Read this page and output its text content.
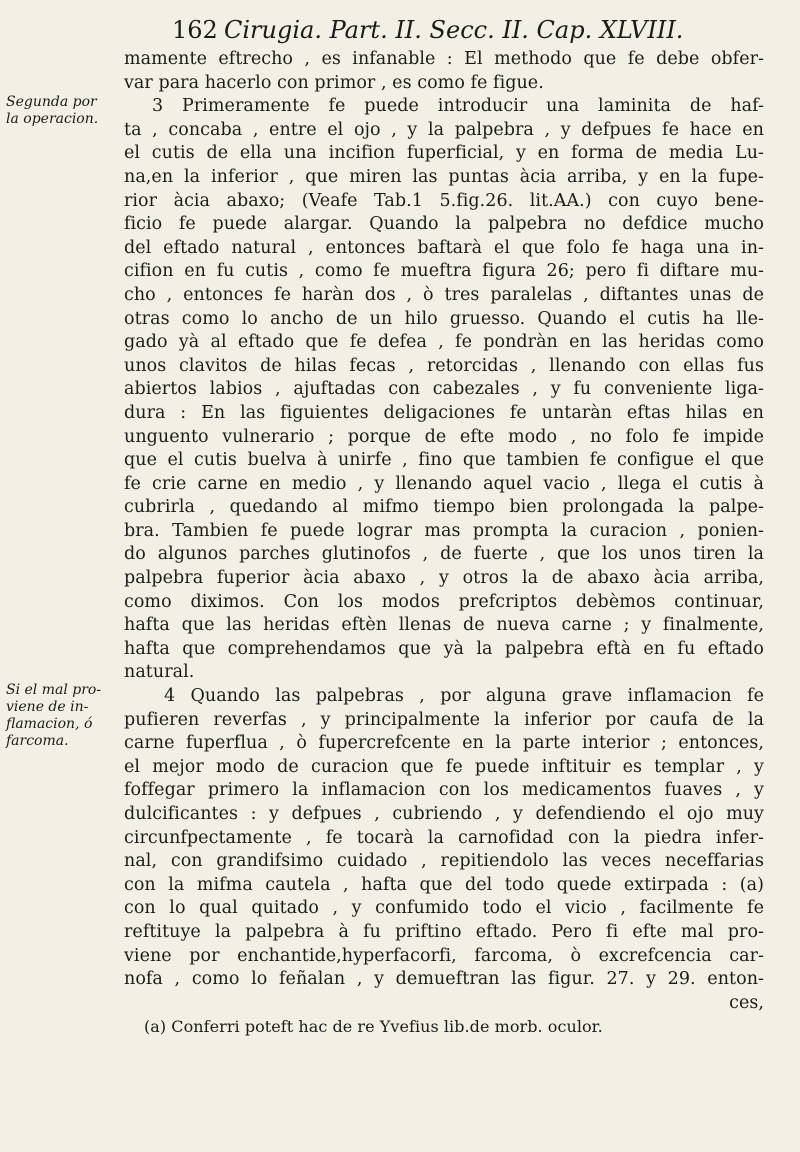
162 Cirugia. Part. II. Secc. II. Cap. XLVIII.
Segunda por
la operacion.
Si el mal pro-
viene de in-
flamacion, ó
farcoma.
mamente eftrecho , es infanable : El methodo que fe debe obfer-
var para hacerlo con primor , es como fe figue.
3 Primeramente fe puede introducir una laminita de haf-
ta , concaba , entre el ojo , y la palpebra , y defpues fe hace en
el cutis de ella una incifion fuperficial, y en forma de media Lu-
na,en la inferior , que miren las puntas àcia arriba, y en la fupe-
rior àcia abaxo; (Veafe Tab.1 5.fig.26. lit.AA.) con cuyo bene-
ficio fe puede alargar. Quando la palpebra no defdice mucho
del eftado natural , entonces baftarà el que folo fe haga una in-
cifion en fu cutis , como fe mueftra figura 26; pero fi diftare mu-
cho , entonces fe haràn dos , ò tres paralelas , diftantes unas de
otras como lo ancho de un hilo gruesso. Quando el cutis ha lle-
gado yà al eftado que fe defea , fe pondràn en las heridas como
unos clavitos de hilas fecas , retorcidas , llenando con ellas fus
abiertos labios , ajuftadas con cabezales , y fu conveniente liga-
dura : En las figuientes deligaciones fe untaràn eftas hilas en
unguento vulnerario ; porque de efte modo , no folo fe impide
que el cutis buelva à unirfe , fino que tambien fe configue el que
fe crie carne en medio , y llenando aquel vacio , llega el cutis à
cubrirla , quedando al mifmo tiempo bien prolongada la palpe-
bra. Tambien fe puede lograr mas prompta la curacion , ponien-
do algunos parches glutinofos , de fuerte , que los unos tiren la
palpebra fuperior àcia abaxo , y otros la de abaxo àcia arriba,
como diximos. Con los modos prefcriptos debèmos continuar,
hafta que las heridas eftèn llenas de nueva carne ; y finalmente,
hafta que comprehendamos que yà la palpebra eftà en fu eftado
natural.
4 Quando las palpebras , por alguna grave inflamacion fe
pufieren reverfas , y principalmente la inferior por caufa de la
carne fuperflua , ò fupercrefcente en la parte interior ; entonces,
el mejor modo de curacion que fe puede inftituir es templar , y
foffegar primero la inflamacion con los medicamentos fuaves , y
dulcificantes : y defpues , cubriendo , y defendiendo el ojo muy
circunfpectamente , fe tocarà la carnofidad con la piedra infer-
nal, con grandifsimo cuidado , repitiendolo las veces neceffarias
con la mifma cautela , hafta que del todo quede extirpada : (a)
con lo qual quitado , y confumido todo el vicio , facilmente fe
reftituye la palpebra à fu priftino eftado. Pero fi efte mal pro-
viene por enchantide,hyperfacorfi, farcoma, ò excrefcencia car-
nofa , como lo feñalan , y demueftran las figur. 27. y 29. enton-
ces,
(a) Conferri poteft hac de re Yvefius lib.de morb. oculor.
